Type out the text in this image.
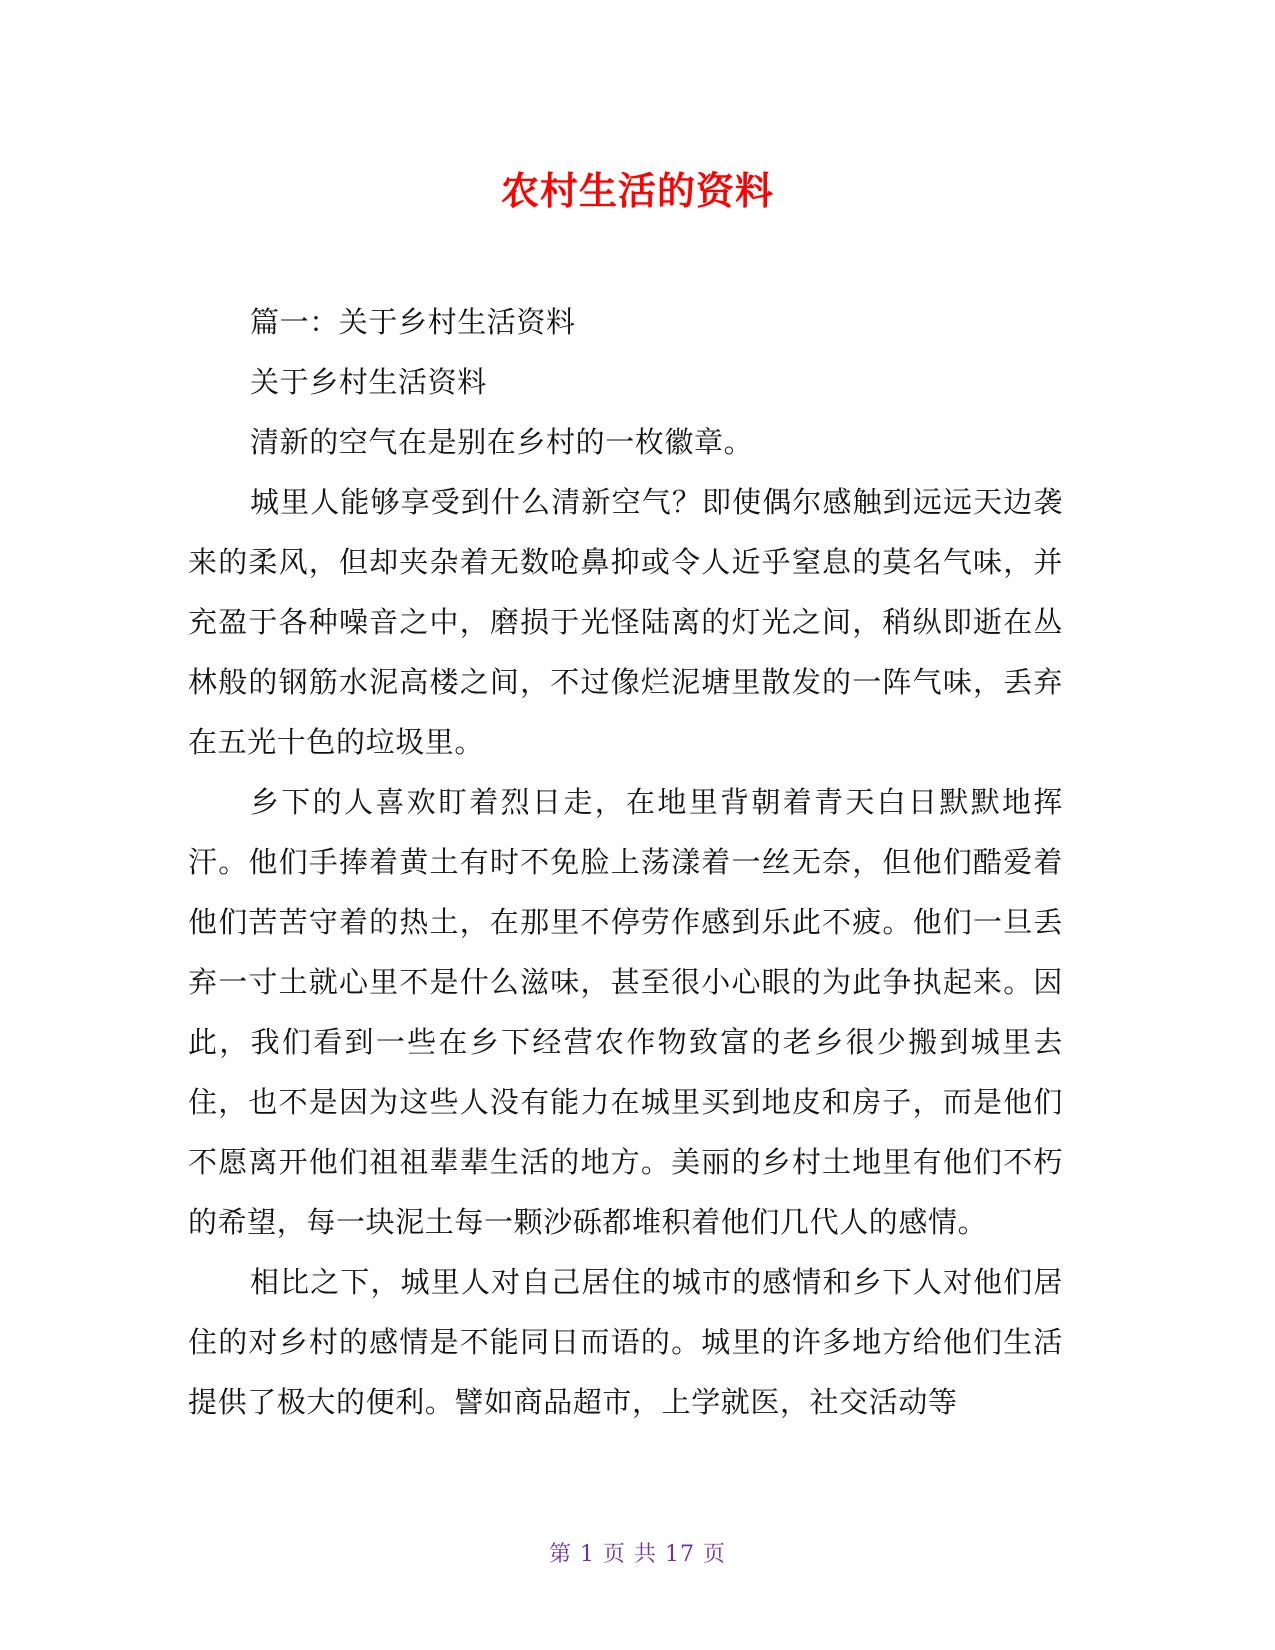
农村生活的资料

篇一：关于乡村生活资料

关于乡村生活资料

清新的空气在是别在乡村的一枚徽章。

城里人能够享受到什么清新空气？即使偶尔感触到远远天边袭来的柔风，但却夹杂着无数呛鼻抑或令人近乎窒息的莫名气味，并充盈于各种噪音之中，磨损于光怪陆离的灯光之间，稍纵即逝在丛林般的钢筋水泥高楼之间，不过像烂泥塘里散发的一阵气味，丢弃在五光十色的垃圾里。

乡下的人喜欢盯着烈日走，在地里背朝着青天白日默默地挥汗。他们手捧着黄土有时不免脸上荡漾着一丝无奈，但他们酷爱着他们苦苦守着的热土，在那里不停劳作感到乐此不疲。他们一旦丢弃一寸土就心里不是什么滋味，甚至很小心眼的为此争执起来。因此，我们看到一些在乡下经营农作物致富的老乡很少搬到城里去住，也不是因为这些人没有能力在城里买到地皮和房子，而是他们不愿离开他们祖祖辈辈生活的地方。美丽的乡村土地里有他们不朽的希望，每一块泥土每一颗沙砾都堆积着他们几代人的感情。

相比之下，城里人对自己居住的城市的感情和乡下人对他们居住的对乡村的感情是不能同日而语的。城里的许多地方给他们生活提供了极大的便利。譬如商品超市，上学就医，社交活动等

第 1 页 共 17 页
